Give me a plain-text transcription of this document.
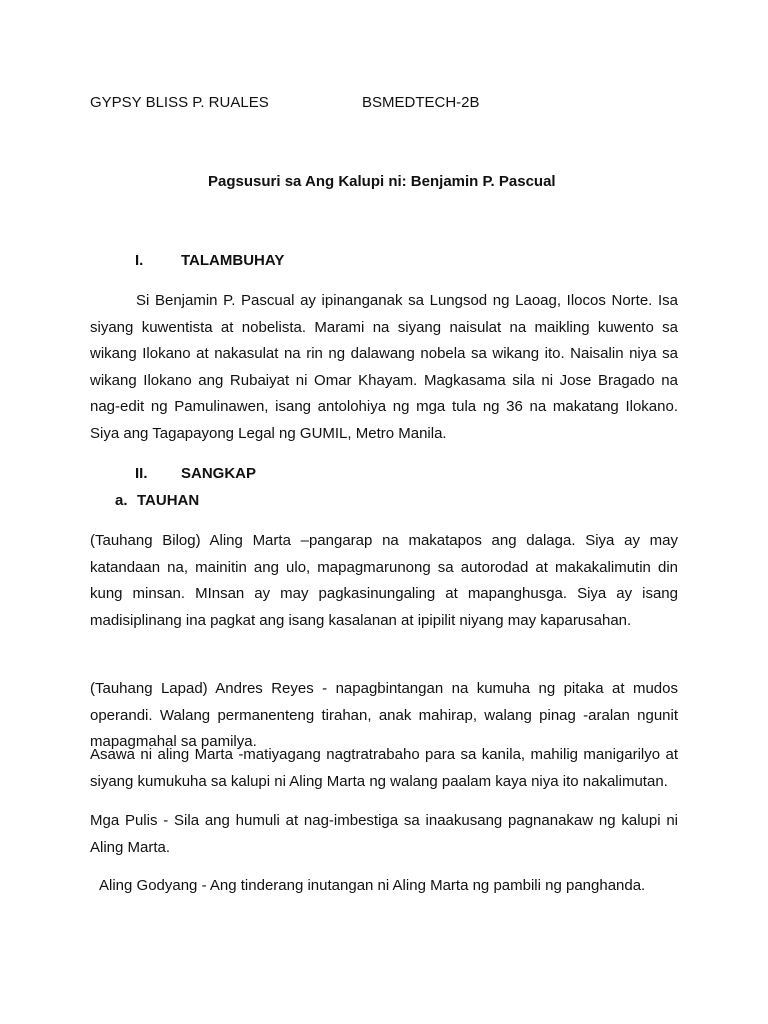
GYPSY BLISS P. RUALES	BSMEDTECH-2B
Pagsusuri sa Ang Kalupi ni: Benjamin P. Pascual
I.	TALAMBUHAY
Si Benjamin P. Pascual ay ipinanganak sa Lungsod ng Laoag, Ilocos Norte. Isa
siyang kuwentista at nobelista. Marami na siyang naisulat na maikling kuwento sa
wikang Ilokano at nakasulat na rin ng dalawang nobela sa wikang ito. Naisalin niya sa
wikang Ilokano ang Rubaiyat ni Omar Khayam. Magkasama sila ni Jose Bragado na
nag-edit ng Pamulinawen, isang antolohiya ng mga tula ng 36 na makatang Ilokano.
Siya ang Tagapayong Legal ng GUMIL, Metro Manila.
II. SANGKAP
a. TAUHAN
(Tauhang Bilog) Aling Marta –pangarap na makatapos ang dalaga. Siya ay may
katandaan na, mainitin ang ulo, mapagmarunong sa autorodad at makakalimutin din
kung minsan. MInsan ay may pagkasinungaling at mapanghusga. Siya ay isang
madisiplinang ina pagkat ang isang kasalanan at ipipilit niyang may kaparusahan.
(Tauhang Lapad) Andres Reyes - napagbintangan na kumuha ng pitaka at mudos
operandi. Walang permanenteng tirahan, anak mahirap, walang pinag -aralan ngunit
mapagmahal sa pamilya.
Asawa ni aling Marta -matiyagang nagtratrabaho para sa kanila, mahilig manigarilyo at
siyang kumukuha sa kalupi ni Aling Marta ng walang paalam kaya niya ito nakalimutan.
Mga Pulis - Sila ang humuli at nag-imbestiga sa inaakusang pagnanakaw ng kalupi ni
Aling Marta.
Aling Godyang - Ang tinderang inutangan ni Aling Marta ng pambili ng panghanda.
